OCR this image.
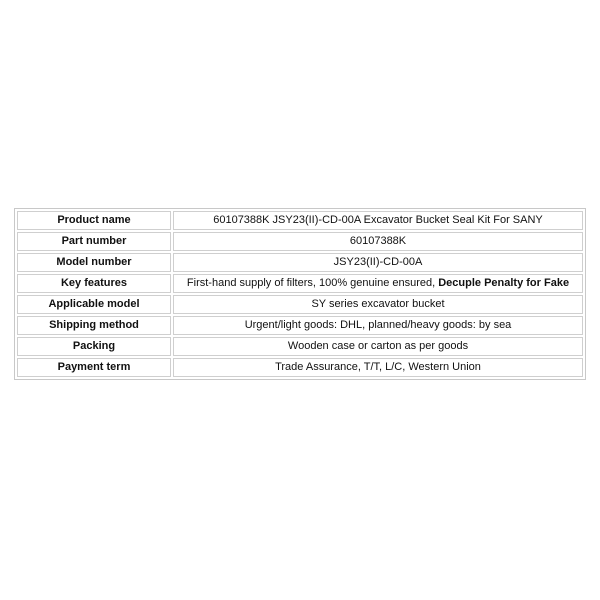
Product name	60107388K JSY23(II)-CD-00A Excavator Bucket Seal Kit For SANY
Part number	60107388K
Model number	JSY23(II)-CD-00A
Key features	First-hand supply of filters, 100% genuine ensured, Decuple Penalty for Fake
Applicable model	SY series excavator bucket
Shipping method	Urgent/light goods: DHL, planned/heavy goods: by sea
Packing	Wooden case or carton as per goods
Payment term	Trade Assurance, T/T, L/C, Western Union
